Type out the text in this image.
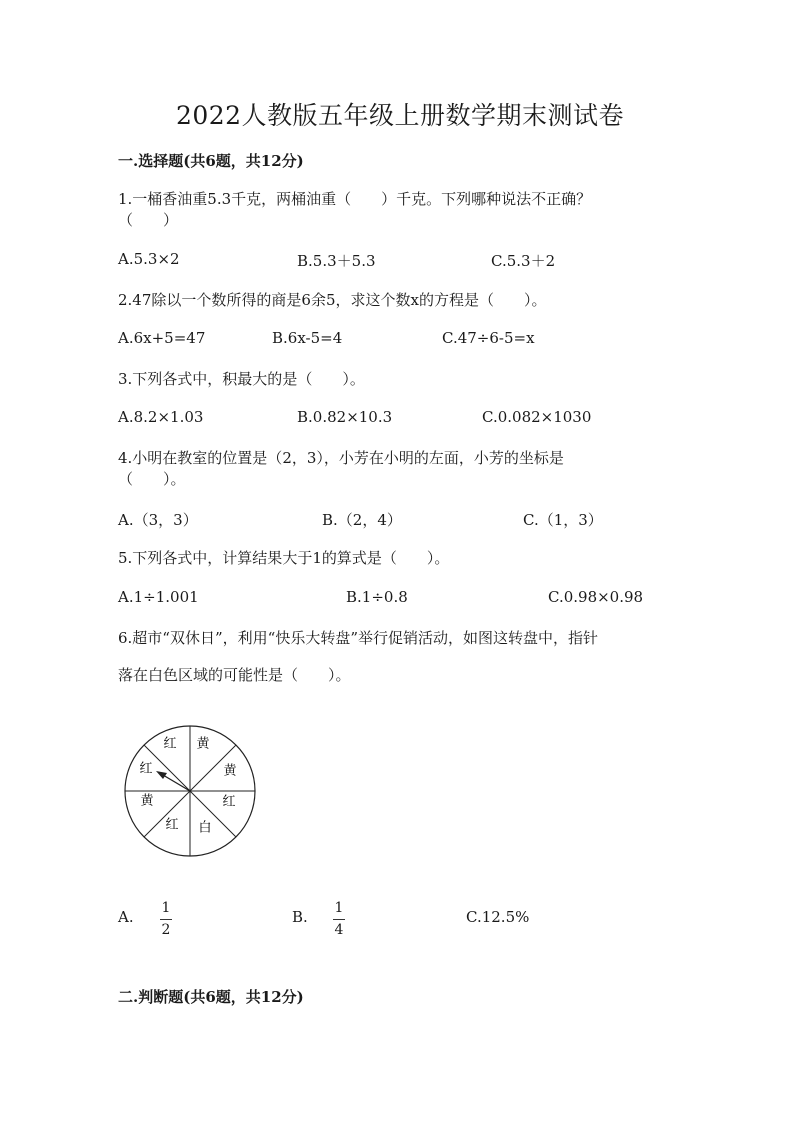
2022人教版五年级上册数学期末测试卷
一.选择题(共6题，共12分)
1.一桶香油重5.3千克，两桶油重（　　）千克。下列哪种说法不正确？
（　　）
A.5.3×2	B.5.3＋5.3	C.5.3＋2
2.47除以一个数所得的商是6余5，求这个数x的方程是（　　）。
A.6x+5=47	B.6x-5=4	C.47÷6-5=x
3.下列各式中，积最大的是（　　）。
A.8.2×1.03	B.0.82×10.3	C.0.082×1030
4.小明在教室的位置是（2，3），小芳在小明的左面，小芳的坐标是
（　　）。
A.（3，3）	B.（2，4）	C.（1，3）
5.下列各式中，计算结果大于1的算式是（　　）。
A.1÷1.001	B.1÷0.8	C.0.98×0.98
6.超市“双休日”，利用“快乐大转盘”举行促销活动，如图这转盘中，指针
落在白色区域的可能性是（　　）。
红 黄
黄
红
白
红
黄
红
A. 1
2
B. 1
4
C.12.5%
二.判断题(共6题，共12分)
